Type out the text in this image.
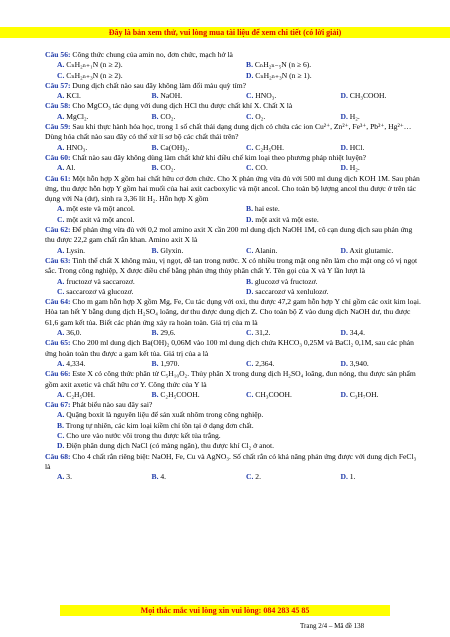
Đây là bản xem thử, vui lòng mua tài liệu để xem chi tiết (có lời giải)

Câu 56: Công thức chung của amin no, đơn chức, mạch hở là

A. CₙH₂ₙ₊₁N (n ≥ 2).	B. CₙH₂ₙ₋₅N (n ≥ 6).
C. CₙH₂ₙ₊₃N (n ≥ 2).	D. CₙH₂ₙ₊₃N (n ≥ 1).

Câu 57: Dung dịch chất nào sau đây không làm đổi màu quỳ tím?

A. KCl.	B. NaOH.	C. HNO₃.	D. CH₃COOH.

Câu 58: Cho MgCO₃ tác dụng với dung dịch HCl thu được chất khí X. Chất X là

A. MgCl₂.	B. CO₂.	C. O₂.	D. H₂.

Câu 59: Sau khi thực hành hóa học, trong 1 số chất thải dạng dung dịch có chứa các ion Cu²⁺, Zn²⁺, Fe³⁺, Pb²⁺, Hg²⁺… Dùng hóa chất nào sau đây có thể xử lí sơ bộ các chất thải trên?

A. HNO₃.	B. Ca(OH)₂.	C. C₂H₅OH.	D. HCl.

Câu 60: Chất nào sau đây không dùng làm chất khử khi điều chế kim loại theo phương pháp nhiệt luyện?

A. Al.	B. CO₂.	C. CO.	D. H₂.

Câu 61: Một hỗn hợp X gồm hai chất hữu cơ đơn chức. Cho X phản ứng vừa đủ với 500 ml dung dịch KOH 1M. Sau phản ứng, thu được hỗn hợp Y gồm hai muối của hai axit cacboxylic và một ancol. Cho toàn bộ lượng ancol thu được ở trên tác dụng với Na (dư), sinh ra 3,36 lít H₂. Hỗn hợp X gồm

A. một este và một ancol.	B. hai este.
C. một axit và một ancol.	D. một axit và một este.

Câu 62: Để phản ứng vừa đủ với 0,2 mol amino axit X cần 200 ml dung dịch NaOH 1M, cô cạn dung dịch sau phản ứng thu được 22,2 gam chất rắn khan. Amino axit X là

A. Lysin.	B. Glyxin.	C. Alanin.	D. Axit glutamic.

Câu 63: Tinh thể chất X không màu, vị ngọt, dễ tan trong nước. X có nhiều trong mật ong nên làm cho mật ong có vị ngọt sắc. Trong công nghiệp, X được điều chế bằng phản ứng thủy phân chất Y. Tên gọi của X và Y lần lượt là

A. fructozơ và saccarozơ.	B. glucozơ và fructozơ.
C. saccarozơ và glucozơ.	D. saccarozơ và xenlulozơ.

Câu 64: Cho m gam hỗn hợp X gồm Mg, Fe, Cu tác dụng với oxi, thu được 47,2 gam hỗn hợp Y chỉ gồm các oxit kim loại. Hòa tan hết Y bằng dung dịch H₂SO₄ loãng, dư thu được dung dịch Z. Cho toàn bộ Z vào dung dịch NaOH dư, thu được 61,6 gam kết tủa. Biết các phản ứng xảy ra hoàn toàn. Giá trị của m là

A. 36,0.	B. 29,6.	C. 31,2.	D. 34,4.

Câu 65: Cho 200 ml dung dịch Ba(OH)₂ 0,06M vào 100 ml dung dịch chứa KHCO₃ 0,25M và BaCl₂ 0,1M, sau các phản ứng hoàn toàn thu được a gam kết tủa. Giá trị của a là

A. 4,334.	B. 1,970.	C. 2,364.	D. 3,940.

Câu 66: Este X có công thức phân tử C₅H₁₀O₂. Thủy phân X trong dung dịch H₂SO₄ loãng, đun nóng, thu được sản phẩm gồm axit axetic và chất hữu cơ Y. Công thức của Y là

A. C₂H₅OH.	B. C₂H₅COOH.	C. CH₃COOH.	D. C₃H₇OH.

Câu 67: Phát biểu nào sau đây sai?

A. Quặng boxit là nguyên liệu để sản xuất nhôm trong công nghiệp.
B. Trong tự nhiên, các kim loại kiềm chỉ tồn tại ở dạng đơn chất.
C. Cho ure vào nước vôi trong thu được kết tủa trắng.
D. Điện phân dung dịch NaCl (có màng ngăn), thu được khí Cl₂ ở anot.

Câu 68: Cho 4 chất rắn riêng biệt: NaOH, Fe, Cu và AgNO₃. Số chất rắn có khả năng phản ứng được với dung dịch FeCl₃ là

A. 3.	B. 4.	C. 2.	D. 1.
Mọi thắc mắc vui lòng xin vui lòng: 084 283 45 85
Trang 2/4 – Mã đề 138
